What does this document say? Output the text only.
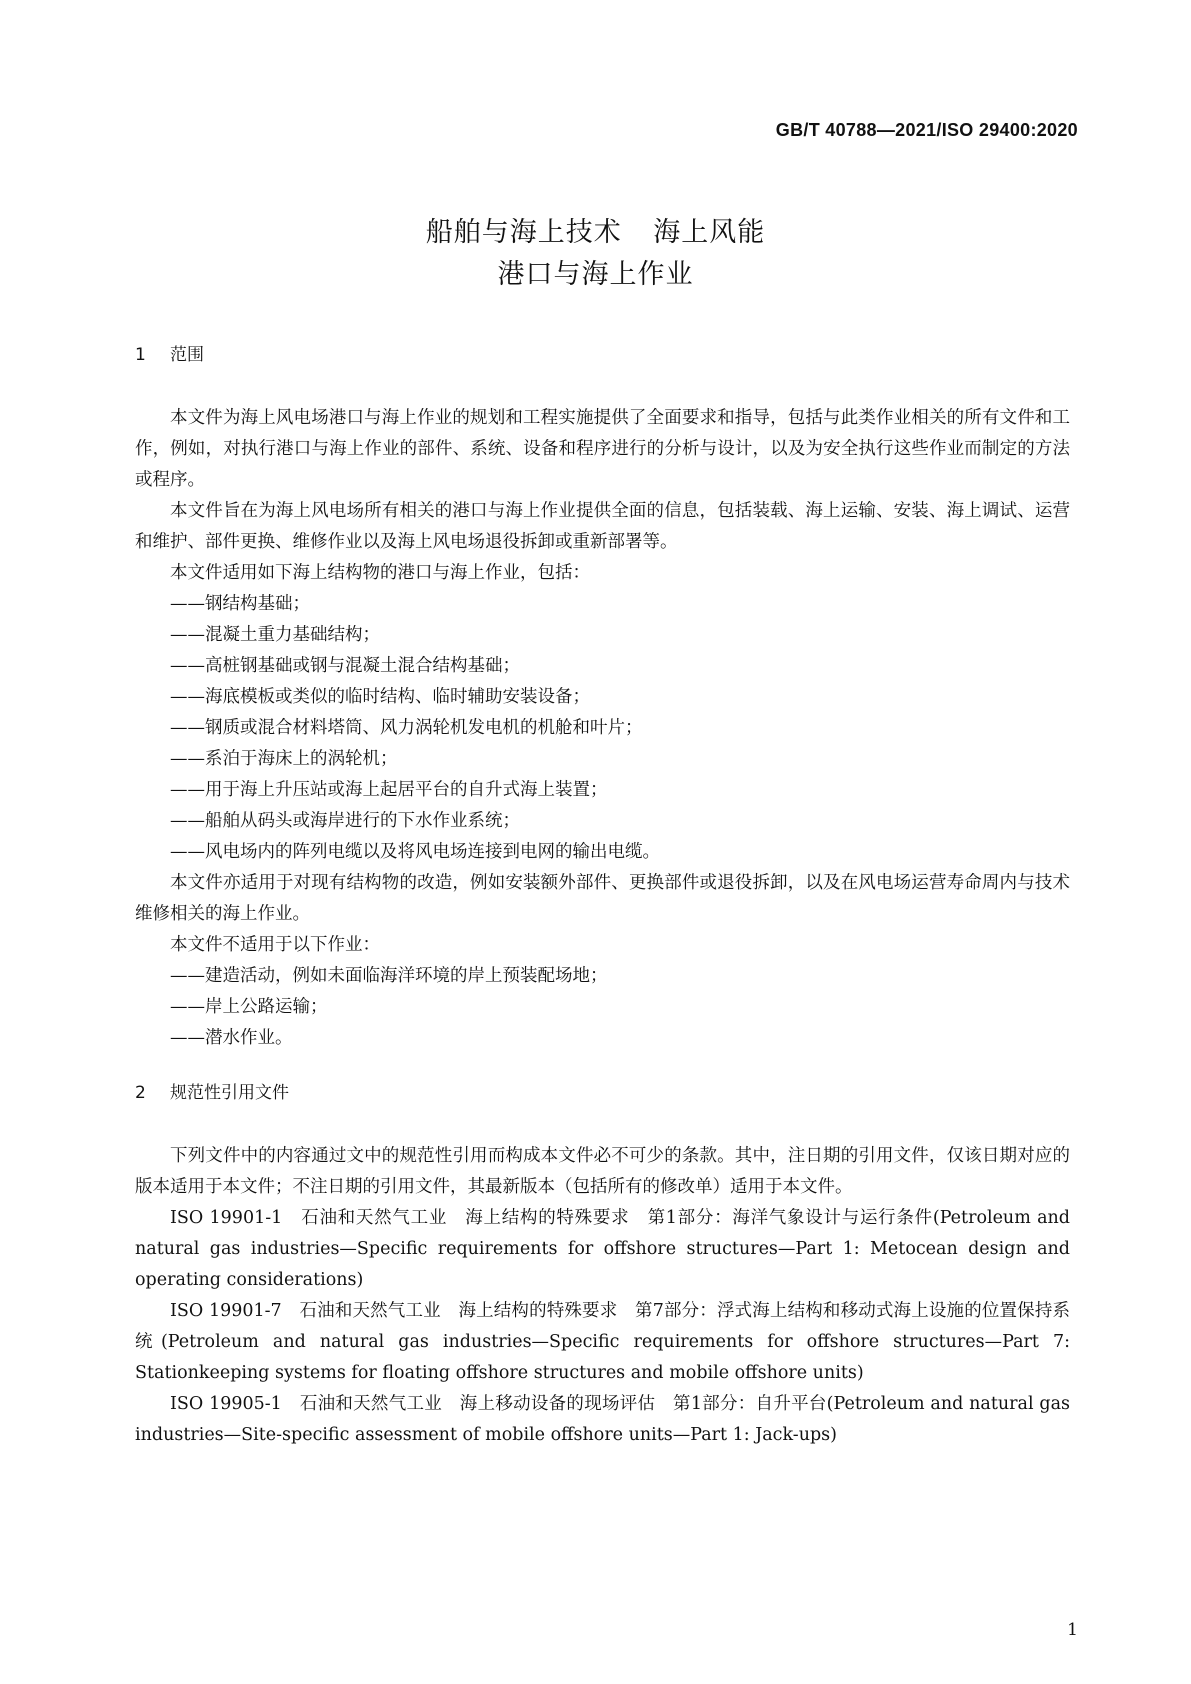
GB/T 40788—2021/ISO 29400:2020
船舶与海上技术 海上风能
港口与海上作业
1 范围

本文件为海上风电场港口与海上作业的规划和工程实施提供了全面要求和指导，包括与此类作业相关的所有文件和工作，例如，对执行港口与海上作业的部件、系统、设备和程序进行的分析与设计，以及为安全执行这些作业而制定的方法或程序。

本文件旨在为海上风电场所有相关的港口与海上作业提供全面的信息，包括装载、海上运输、安装、海上调试、运营和维护、部件更换、维修作业以及海上风电场退役拆卸或重新部署等。

本文件适用如下海上结构物的港口与海上作业，包括：

——钢结构基础；

——混凝土重力基础结构；

——高桩钢基础或钢与混凝土混合结构基础；

——海底模板或类似的临时结构、临时辅助安装设备；

——钢质或混合材料塔筒、风力涡轮机发电机的机舱和叶片；

——系泊于海床上的涡轮机；

——用于海上升压站或海上起居平台的自升式海上装置；

——船舶从码头或海岸进行的下水作业系统；

——风电场内的阵列电缆以及将风电场连接到电网的输出电缆。

本文件亦适用于对现有结构物的改造，例如安装额外部件、更换部件或退役拆卸，以及在风电场运营寿命周内与技术维修相关的海上作业。

本文件不适用于以下作业：

——建造活动，例如未面临海洋环境的岸上预装配场地；

——岸上公路运输；

——潜水作业。

2 规范性引用文件

下列文件中的内容通过文中的规范性引用而构成本文件必不可少的条款。其中，注日期的引用文件，仅该日期对应的版本适用于本文件；不注日期的引用文件，其最新版本（包括所有的修改单）适用于本文件。

ISO 19901-1　石油和天然气工业　海上结构的特殊要求　第1部分：海洋气象设计与运行条件(Petroleum and natural gas industries—Specific requirements for offshore structures—Part 1: Metocean design and operating considerations)

ISO 19901-7　石油和天然气工业　海上结构的特殊要求　第7部分：浮式海上结构和移动式海上设施的位置保持系统(Petroleum and natural gas industries—Specific requirements for offshore structures—Part 7: Stationkeeping systems for floating offshore structures and mobile offshore units)

ISO 19905-1　石油和天然气工业　海上移动设备的现场评估　第1部分：自升平台(Petroleum and natural gas industries—Site-specific assessment of mobile offshore units—Part 1: Jack-ups)

1
